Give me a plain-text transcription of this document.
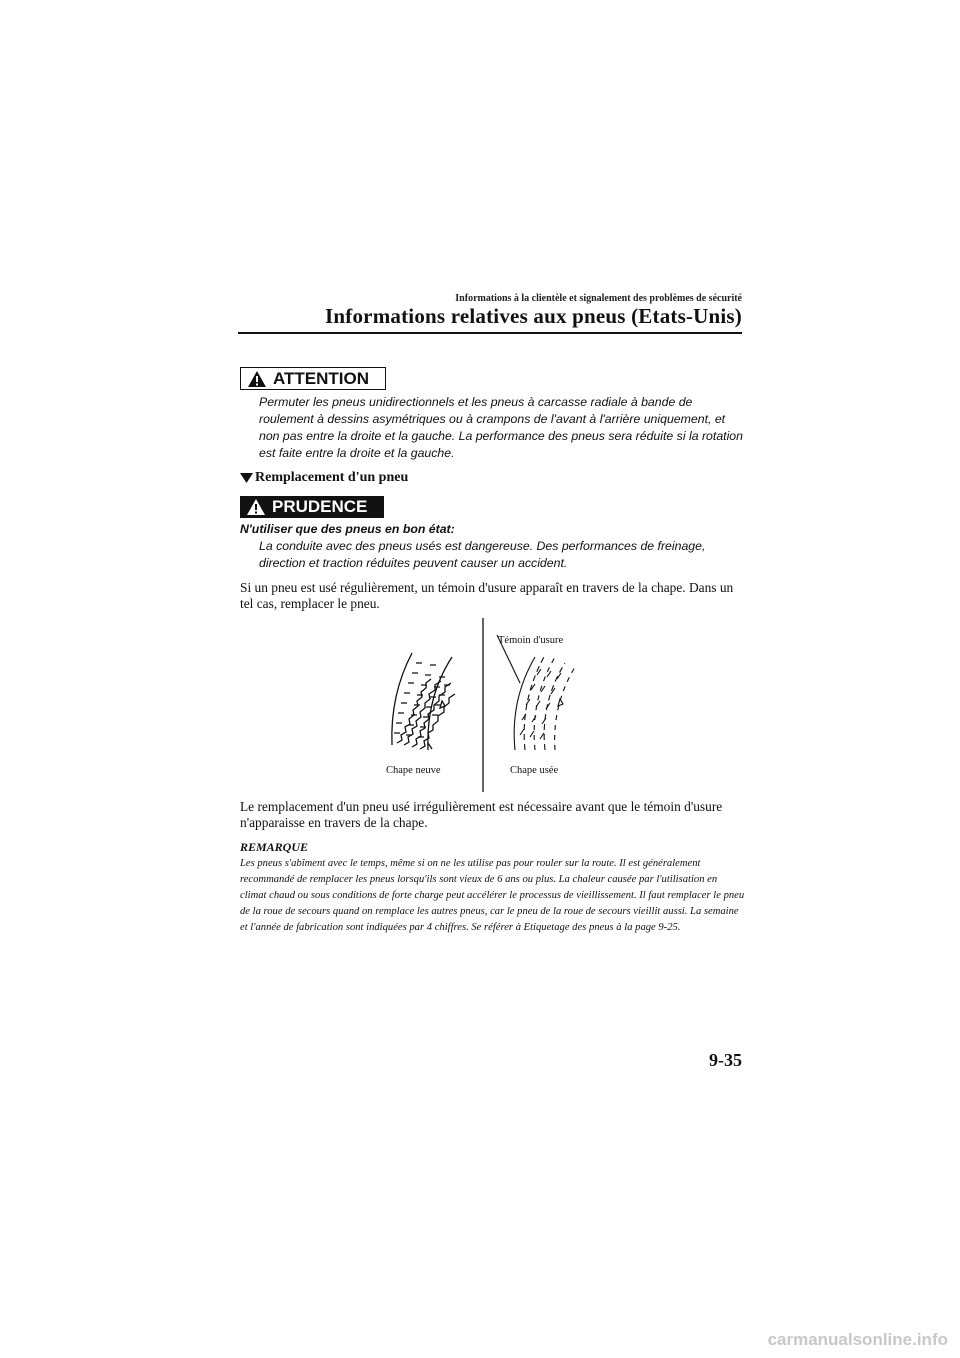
Informations à la clientèle et signalement des problèmes de sécurité
Informations relatives aux pneus (Etats-Unis)
ATTENTION
Permuter les pneus unidirectionnels et les pneus à carcasse radiale à bande de roulement à dessins asymétriques ou à crampons de l'avant à l'arrière uniquement, et non pas entre la droite et la gauche. La performance des pneus sera réduite si la rotation est faite entre la droite et la gauche.
Remplacement d'un pneu
PRUDENCE
N'utiliser que des pneus en bon état:
La conduite avec des pneus usés est dangereuse. Des performances de freinage, direction et traction réduites peuvent causer un accident.
Si un pneu est usé régulièrement, un témoin d'usure apparaît en travers de la chape. Dans un tel cas, remplacer le pneu.
Témoin d'usure
Chape neuve	Chape usée
Le remplacement d'un pneu usé irrégulièrement est nécessaire avant que le témoin d'usure n'apparaisse en travers de la chape.
REMARQUE
Les pneus s'abîment avec le temps, même si on ne les utilise pas pour rouler sur la route. Il est généralement recommandé de remplacer les pneus lorsqu'ils sont vieux de 6 ans ou plus. La chaleur causée par l'utilisation en climat chaud ou sous conditions de forte charge peut accélérer le processus de vieillissement. Il faut remplacer le pneu de la roue de secours quand on remplace les autres pneus, car le pneu de la roue de secours vieillit aussi. La semaine et l'année de fabrication sont indiquées par 4 chiffres. Se référer à Etiquetage des pneus à la page 9-25.
9-35
carmanualsonline.info
